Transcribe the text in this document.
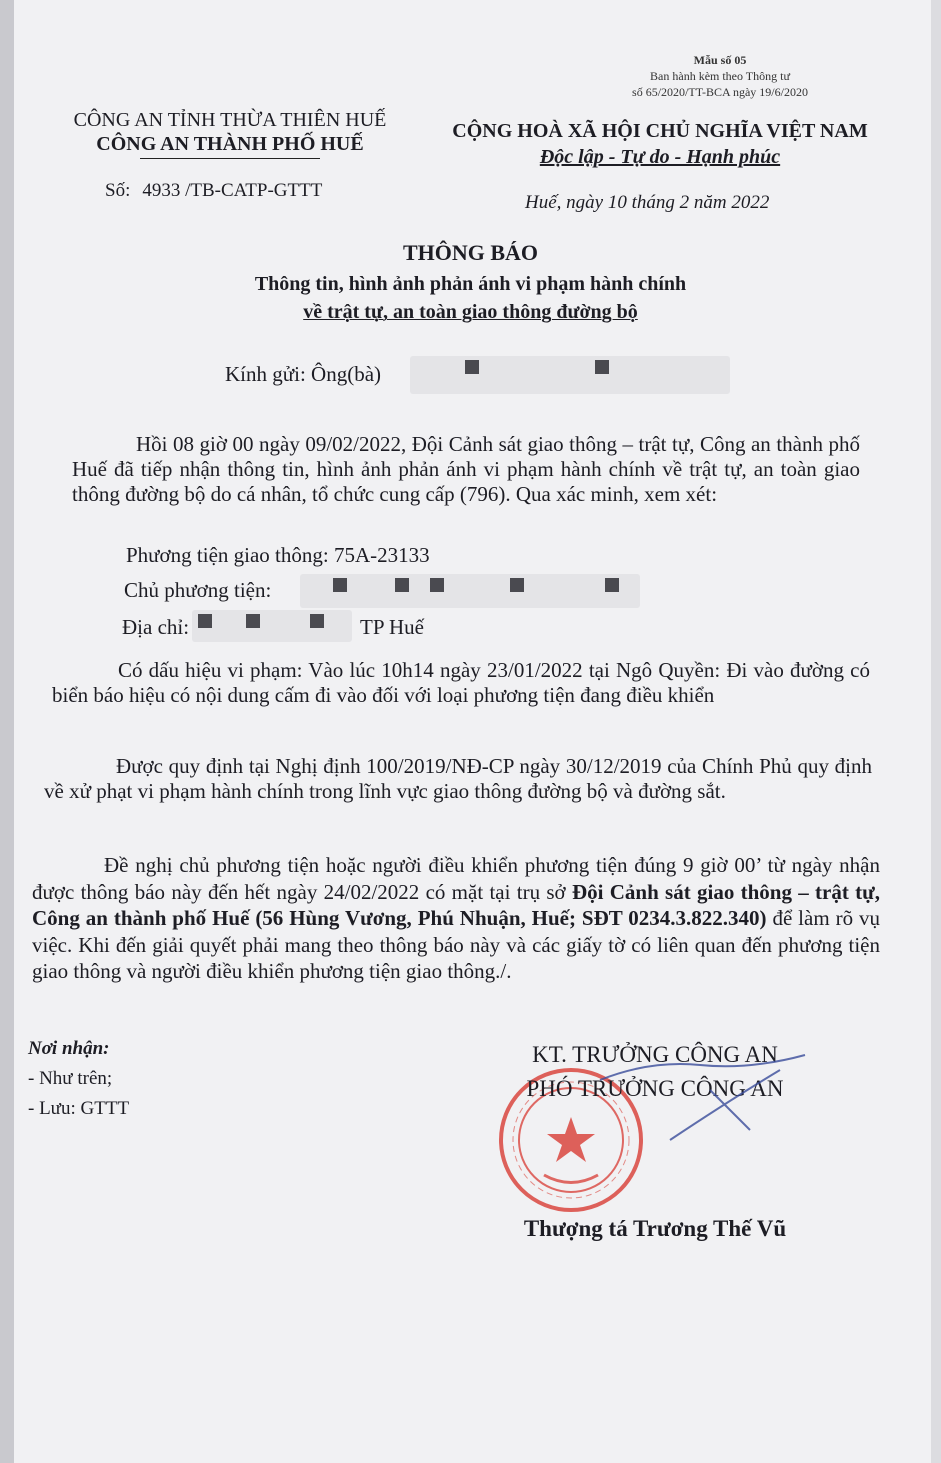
Mẫu số 05
Ban hành kèm theo Thông tư
số 65/2020/TT-BCA ngày 19/6/2020
CÔNG AN TỈNH THỪA THIÊN HUẾ
CÔNG AN THÀNH PHỐ HUẾ
CỘNG HOÀ XÃ HỘI CHỦ NGHĨA VIỆT NAM
Độc lập - Tự do - Hạnh phúc
Số: 4933 /TB-CATP-GTTT
Huế, ngày 10 tháng 2 năm 2022
THÔNG BÁO
Thông tin, hình ảnh phản ánh vi phạm hành chính
về trật tự, an toàn giao thông đường bộ
Kính gửi: Ông(bà)
Hồi 08 giờ 00 ngày 09/02/2022, Đội Cảnh sát giao thông – trật tự, Công an thành phố Huế đã tiếp nhận thông tin, hình ảnh phản ánh vi phạm hành chính về trật tự, an toàn giao thông đường bộ do cá nhân, tổ chức cung cấp (796). Qua xác minh, xem xét:
Phương tiện giao thông: 75A-23133
Chủ phương tiện:
Địa chỉ:	TP Huế
Có dấu hiệu vi phạm: Vào lúc 10h14 ngày 23/01/2022 tại Ngô Quyền: Đi vào đường có biển báo hiệu có nội dung cấm đi vào đối với loại phương tiện đang điều khiển
Được quy định tại Nghị định 100/2019/NĐ-CP ngày 30/12/2019 của Chính Phủ quy định về xử phạt vi phạm hành chính trong lĩnh vực giao thông đường bộ và đường sắt.
Đề nghị chủ phương tiện hoặc người điều khiển phương tiện đúng 9 giờ 00’ từ ngày nhận được thông báo này đến hết ngày 24/02/2022 có mặt tại trụ sở Đội Cảnh sát giao thông – trật tự, Công an thành phố Huế (56 Hùng Vương, Phú Nhuận, Huế; SĐT 0234.3.822.340) để làm rõ vụ việc. Khi đến giải quyết phải mang theo thông báo này và các giấy tờ có liên quan đến phương tiện giao thông và người điều khiển phương tiện giao thông./.
Nơi nhận:
- Như trên;
- Lưu: GTTT
KT. TRƯỞNG CÔNG AN
PHÓ TRƯỞNG CÔNG AN
Thượng tá Trương Thế Vũ
